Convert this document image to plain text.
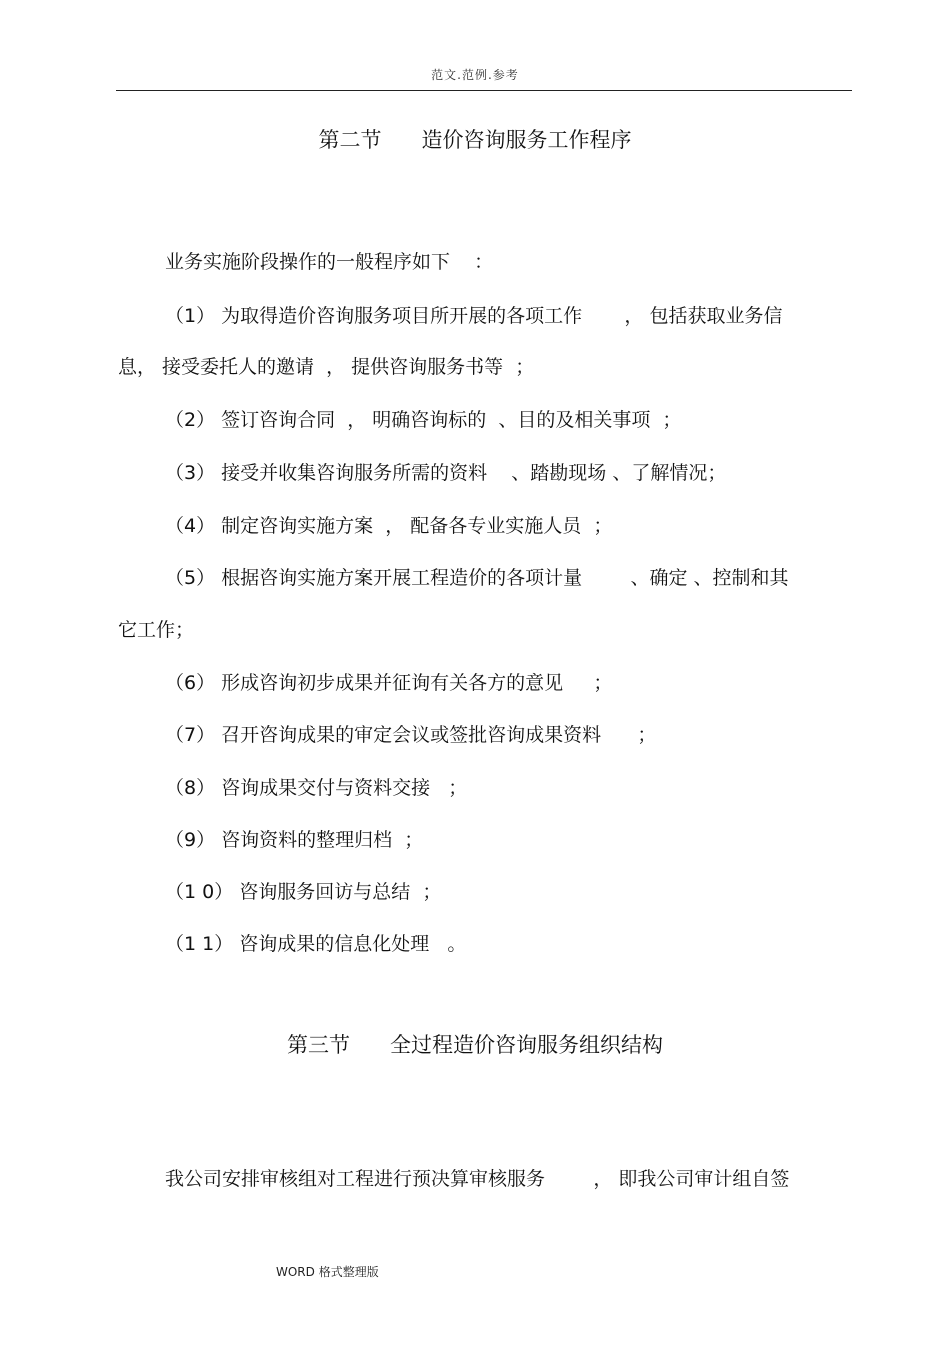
范文.范例.参考
第二节      造价咨询服务工作程序
业务实施阶段操作的一般程序如下    ：
（1） 为取得造价咨询服务项目所开展的各项工作       ， 包括获取业务信
息， 接受委托人的邀请  ， 提供咨询服务书等  ；
（2） 签订咨询合同  ， 明确咨询标的  、目的及相关事项  ；
（3） 接受并收集咨询服务所需的资料    、踏勘现场 、了解情况；
（4） 制定咨询实施方案  ， 配备各专业实施人员  ；
（5） 根据咨询实施方案开展工程造价的各项计量        、确定 、控制和其
它工作；
（6） 形成咨询初步成果并征询有关各方的意见     ；
（7） 召开咨询成果的审定会议或签批咨询成果资料      ；
（8） 咨询成果交付与资料交接   ；
（9） 咨询资料的整理归档  ；
（1 0） 咨询服务回访与总结  ；
（1 1） 咨询成果的信息化处理   。
第三节      全过程造价咨询服务组织结构
我公司安排审核组对工程进行预决算审核服务        ， 即我公司审计组自签
WORD 格式整理版
